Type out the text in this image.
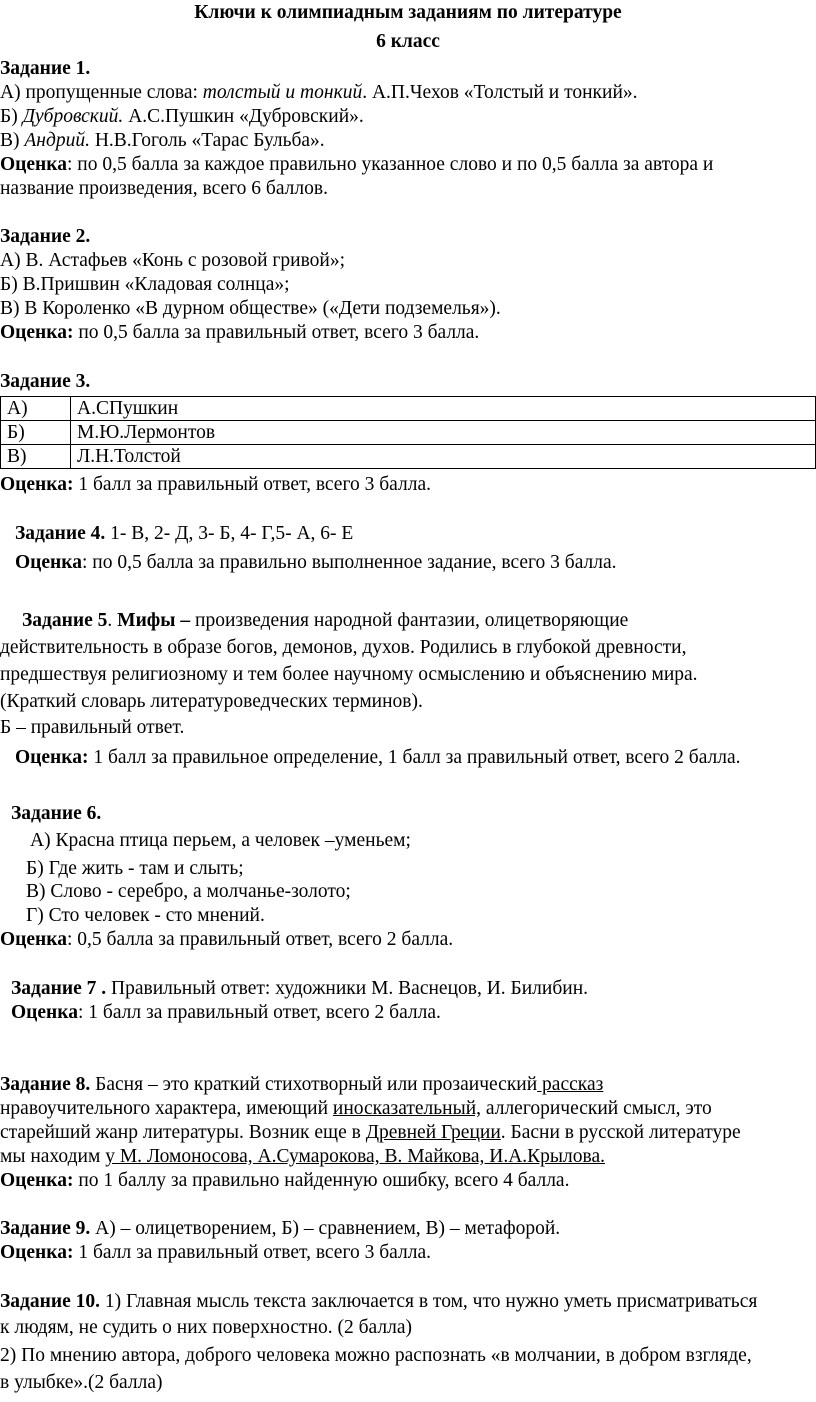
Ключи к олимпиадным заданиям по литературе
6 класс
Задание 1.
А) пропущенные слова: толстый и тонкий. А.П.Чехов «Толстый и тонкий».
Б) Дубровский. А.С.Пушкин «Дубровский».
В) Андрий. Н.В.Гоголь «Тарас Бульба».
Оценка: по 0,5 балла за каждое правильно указанное слово и по 0,5 балла за автора и
название произведения, всего 6 баллов.
Задание 2.
А) В. Астафьев «Конь с розовой гривой»;
Б) В.Пришвин «Кладовая солнца»;
В) В Короленко «В дурном обществе» («Дети подземелья»).
Оценка: по 0,5 балла за правильный ответ, всего 3 балла.
Задание 3.
А)	А.СПушкин
Б)	М.Ю.Лермонтов
В)	Л.Н.Толстой
Оценка: 1 балл за правильный ответ, всего 3 балла.
Задание 4. 1- В, 2- Д, 3- Б, 4- Г,5- А, 6- Е
Оценка: по 0,5 балла за правильно выполненное задание, всего 3 балла.
Задание 5. Мифы – произведения народной фантазии, олицетворяющие
действительность в образе богов, демонов, духов. Родились в глубокой древности,
предшествуя религиозному и тем более научному осмыслению и объяснению мира.
(Краткий словарь литературоведческих терминов).
Б – правильный ответ.
Оценка: 1 балл за правильное определение, 1 балл за правильный ответ, всего 2 балла.
Задание 6.
А) Красна птица перьем, а человек –уменьем;
Б) Где жить - там и слыть;
В) Слово - серебро, а молчанье-золото;
Г) Сто человек - сто мнений.
Оценка: 0,5 балла за правильный ответ, всего 2 балла.
Задание 7 . Правильный ответ: художники М. Васнецов, И. Билибин.
Оценка: 1 балл за правильный ответ, всего 2 балла.
Задание 8. Басня – это краткий стихотворный или прозаический рассказ
нравоучительного характера, имеющий иносказательный, аллегорический смысл, это
старейший жанр литературы. Возник еще в Древней Греции. Басни в русской литературе
мы находим у М. Ломоносова, А.Сумарокова, В. Майкова, И.А.Крылова.
Оценка: по 1 баллу за правильно найденную ошибку, всего 4 балла.
Задание 9. А) – олицетворением, Б) – сравнением, В) – метафорой.
Оценка: 1 балл за правильный ответ, всего 3 балла.
Задание 10. 1) Главная мысль текста заключается в том, что нужно уметь присматриваться
к людям, не судить о них поверхностно. (2 балла)
2) По мнению автора, доброго человека можно распознать «в молчании, в добром взгляде,
в улыбке».(2 балла)
